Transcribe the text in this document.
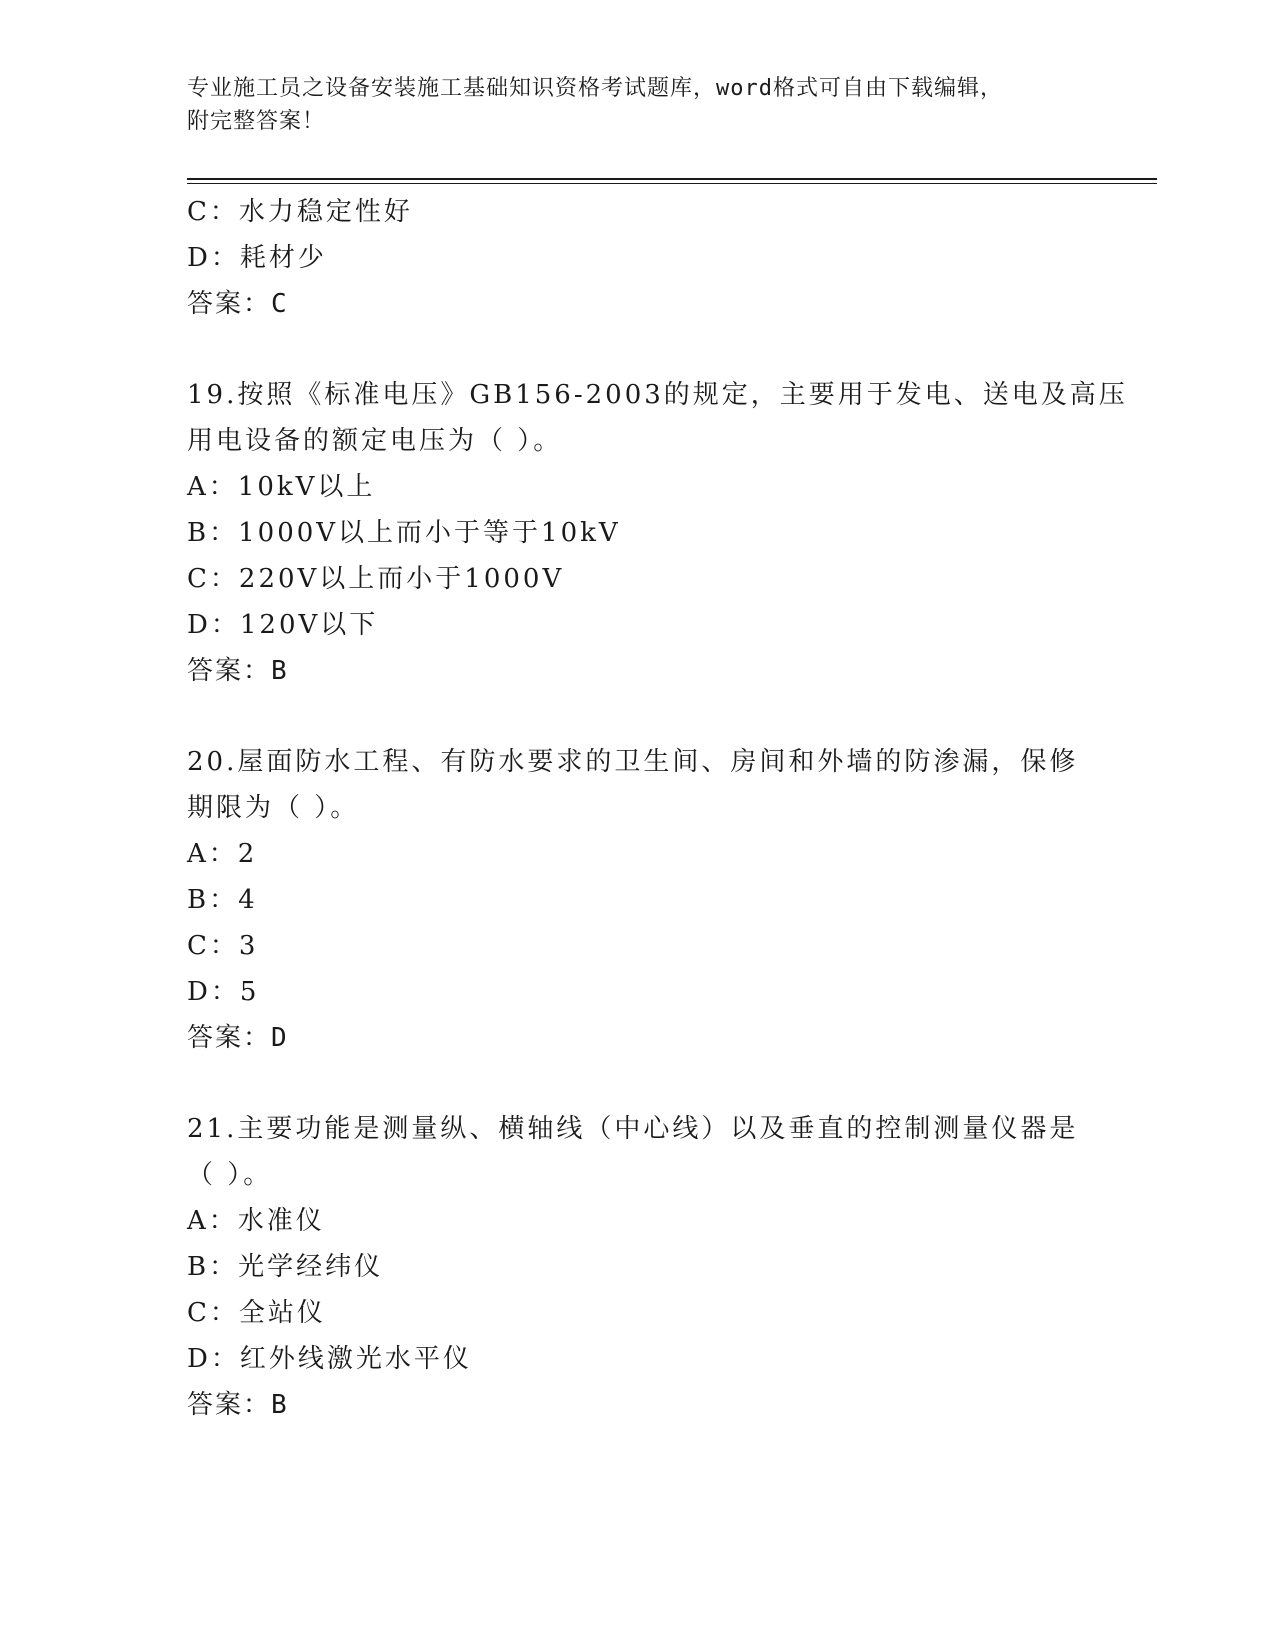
专业施工员之设备安装施工基础知识资格考试题库，word格式可自由下载编辑，
附完整答案！
C：水力稳定性好
D：耗材少
答案：C
19.按照《标准电压》GB156-2003的规定，主要用于发电、送电及高压
用电设备的额定电压为（ ）。
A：10kV以上
B：1000V以上而小于等于10kV
C：220V以上而小于1000V
D：120V以下
答案：B
20.屋面防水工程、有防水要求的卫生间、房间和外墙的防渗漏，保修
期限为（ ）。
A：2
B：4
C：3
D：5
答案：D
21.主要功能是测量纵、横轴线（中心线）以及垂直的控制测量仪器是
（ ）。
A：水准仪
B：光学经纬仪
C：全站仪
D：红外线激光水平仪
答案：B
